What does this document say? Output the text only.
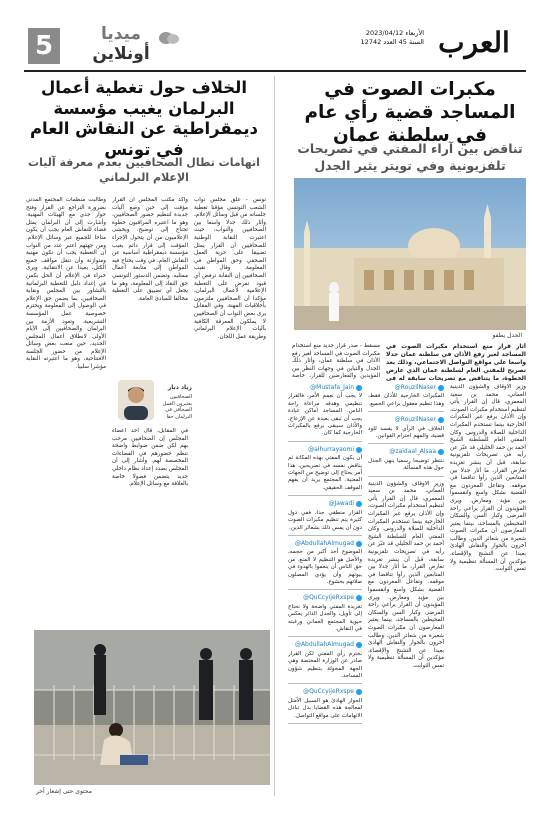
العرب
الأربعاء 2023/04/12
السنة 45 العدد 12742
5	ميديا
أونلاين
مكبرات الصوت في المساجد قضية رأي عام في سلطنة عمان
تناقض بين آراء المفتي في تصريحات تلفزيونية وفي تويتر يثير الجدل
الجدل يطفو
أثار قرار منع استخدام مكبرات الصوت في المساجد لغير رفع الأذان في سلطنة عمان جدلا واسعا على مواقع التواصل الاجتماعي، وذلك بعد تصريح للمفتي العام لسلطنة عمان الذي عارض الخطوة، ما يتناقض مع تصريحات سابقة له في
مسقط - صدر قرار جديد منع استخدام مكبرات الصوت في المساجد لغير رفع الأذان في سلطنة عمان، وأثار ذلك الجدل والتباين في وجهات النظر بين المؤيدين والمعارضين للقرار، خاصة
وزير الأوقاف والشؤون الدينية العماني، محمد بن سعيد المعمري، قال إن القرار يأتي لتنظيم استخدام مكبرات الصوت، وإن الأذان يرفع عبر المكبرات الخارجية بينما تستخدم المكبرات الداخلية للصلاة والدروس. وكان المفتي العام للسلطنة الشيخ أحمد بن حمد الخليلي قد عبّر عن رأيه في تصريحات تلفزيونية سابقة، قبل أن ينشر تغريدة تعارض القرار، ما أثار جدلا بين المتابعين الذين رأوا تناقضا في موقفه. وتفاعل المغردون مع القضية بشكل واسع وانقسموا بين مؤيد ومعارض. ويرى المؤيدون أن القرار يراعي راحة المرضى وكبار السن والسكان المحيطين بالمساجد، بينما يعتبر المعارضون أن مكبرات الصوت شعيرة من شعائر الدين. وطالب آخرون بالحوار والنقاش الهادئ بعيدا عن التشنج والإقصاء، مؤكدين أن المسألة تنظيمية ولا تمس الثوابت.
@RouzilNaser
المكبرات الخارجية للأذان فقط، وهذا تنظيم معقول يراعي الجميع.
@RouzilNaser
الخلاف في الرأي لا يفسد للود قضية، والمهم احترام القوانين.
@zaidaal_Alsaa
ننتظر توضيحا رسميا ينهي الجدل حول هذه المسألة.
وزير الأوقاف والشؤون الدينية العماني، محمد بن سعيد المعمري، قال إن القرار يأتي لتنظيم استخدام مكبرات الصوت، وإن الأذان يرفع عبر المكبرات الخارجية بينما تستخدم المكبرات الداخلية للصلاة والدروس. وكان المفتي العام للسلطنة الشيخ أحمد بن حمد الخليلي قد عبّر عن رأيه في تصريحات تلفزيونية سابقة، قبل أن ينشر تغريدة تعارض القرار، ما أثار جدلا بين المتابعين الذين رأوا تناقضا في موقفه. وتفاعل المغردون مع القضية بشكل واسع وانقسموا بين مؤيد ومعارض. ويرى المؤيدون أن القرار يراعي راحة المرضى وكبار السن والسكان المحيطين بالمساجد، بينما يعتبر المعارضون أن مكبرات الصوت شعيرة من شعائر الدين. وطالب آخرون بالحوار والنقاش الهادئ بعيدا عن التشنج والإقصاء، مؤكدين أن المسألة تنظيمية ولا تمس الثوابت.
@Mustafa_Jain
لا يجب أن نعمم الأمر، فالقرار تنظيمي وهدفه مراعاة راحة الناس. المساجد أماكن عبادة يجب أن تبقى بعيدة عن الإزعاج، والأذان سيبقى يرفع بالمكبرات الخارجية كما كان.
@alhurrayaomi
أن يكون المفتي بهذه المكانة ثم يناقض نفسه في تصريحين، هذا أمر يحتاج إلى توضيح من الجهات المعنية. المجتمع يريد أن يفهم الموقف الحقيقي.
@Jawadi
القرار منطقي جدا، ففي دول كثيرة يتم تنظيم مكبرات الصوت دون أن يمس ذلك بشعائر الدين.
@AbdullahAlmugad
الموضوع أخذ أكبر من حجمه، والأصل هو التنظيم لا المنع. من حق الناس أن ينعموا بالهدوء في بيوتهم وأن يؤدي المصلون صلاتهم بخشوع.
@QuCcyijeRxspe
تغريدة المفتي واضحة ولا تحتاج إلى تأويل، والجدل الدائر يعكس حيوية المجتمع العماني ورغبته في النقاش.
@AbdullahAlmugad
نحترم رأي المفتي لكن القرار صادر عن الوزارة المختصة وهي الجهة المخولة بتنظيم شؤون المساجد.
@QuCcyijeRxspe
الحوار الهادئ هو السبيل الأمثل لمعالجة هذه القضايا بدل تبادل الاتهامات على مواقع التواصل.
الخلاف حول تغطية أعمال البرلمان يغيب مؤسسة ديمقراطية عن النقاش العام في تونس
اتهامات تطال الصحافيين بعدم معرفة آليات الإعلام البرلماني
تونس - علّق مجلس نواب الشعب التونسي مؤقتا تغطية جلساته من قبل وسائل الإعلام، وأثار ذلك جدلا واسعا بين الصحافيين والنواب، حيث اعتبرت النقابة الوطنية للصحافيين أن القرار يمثل تضييقا على حرية العمل الصحفي وحق المواطن في المعلومة. وقال نقيب الصحافيين إن النقابة ترفض أي قيود تفرض على التغطية الإعلامية لأعمال البرلمان، مؤكدا أن الصحافيين ملتزمون بأخلاقيات المهنة. وفي المقابل يرى بعض النواب أن الصحافيين لا يملكون المعرفة الكافية بآليات الإعلام البرلماني وطريقة عمل اللجان.
وأكد مكتب المجلس أن القرار مؤقت إلى حين وضع آليات جديدة لتنظيم حضور الصحافيين، وهو ما اعتبره المراقبون خطوة تحتاج إلى توضيح. ويخشى الإعلاميون من أن يتحول الإجراء المؤقت إلى قرار دائم يغيب مؤسسة ديمقراطية أساسية عن النقاش العام، في وقت يحتاج فيه المواطن إلى متابعة أعمال ممثليه. وتضمن الدستور التونسي حق النفاذ إلى المعلومة، وهو ما يجعل أي تضييق على التغطية مخالفا للمبادئ العامة.
وطالبت منظمات المجتمع المدني بضرورة التراجع عن القرار وفتح حوار جدي مع الهيئات المهنية. وأشارت إلى أن البرلمان يمثل فضاء للنقاش العام يجب أن يكون متاحا للجميع عبر وسائل الإعلام. ومن جهتهم اعتبر عدد من النواب أن التغطية يجب أن تكون مهنية ومتوازنة وأن تنقل مواقف جميع الكتل، بعيدا عن الانتقائية. ويرى خبراء في الإعلام أن الحل يكمن في إعداد دليل للتغطية البرلمانية بالتشاور بين المجلس ونقابة الصحافيين، بما يضمن حق الإعلام في الوصول إلى المعلومة ويحترم خصوصية عمل المؤسسة التشريعية. وتعود الأزمة بين البرلمان والصحافيين إلى الأيام الأولى لانطلاق أعمال المجلس الجديد، حين منعت بعض وسائل الإعلام من حضور الجلسة الافتتاحية، وهو ما اعتبرته النقابة مؤشرا سلبيا.
زياد دبار
الصحافيون يعتبرون العمل الصحافي في البرلمان حقا
في المقابل، قال أحد أعضاء المجلس إن الصحافيين مرحب بهم لكن ضمن ضوابط واضحة تنظم حضورهم في الفضاءات المخصصة لهم. وأشار إلى أن المجلس بصدد إعداد نظام داخلي جديد يتضمن فصولا خاصة بالعلاقة مع وسائل الإعلام.
محتوى حتى إشعار آخر
